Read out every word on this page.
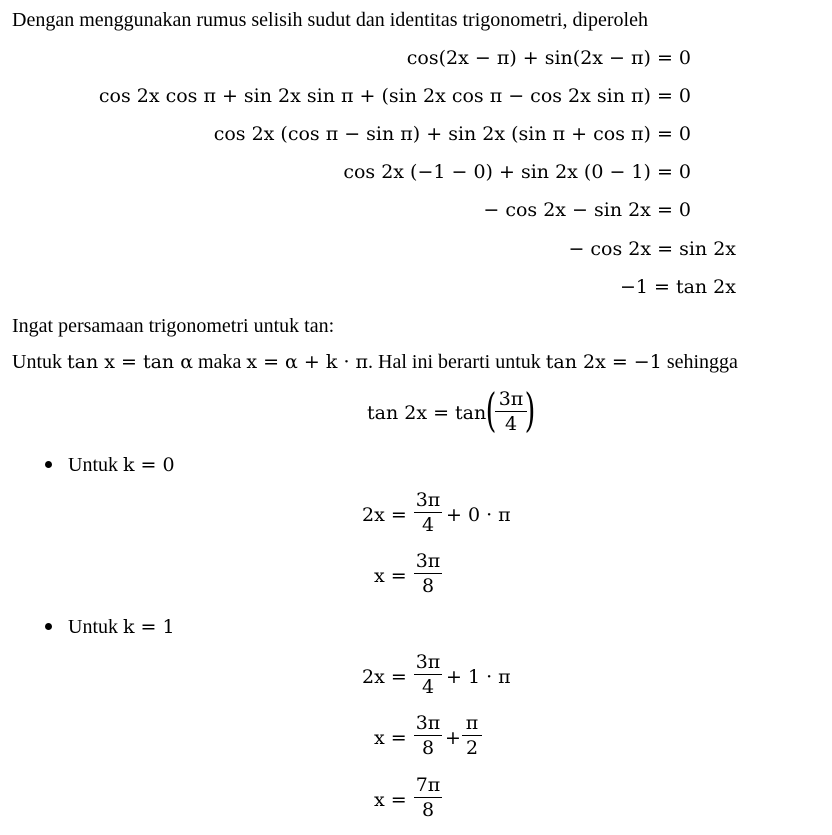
Dengan menggunakan rumus selisih sudut dan identitas trigonometri, diperoleh
cos(2x − π) + sin(2x − π) = 0
cos 2x cos π + sin 2x sin π + (sin 2x cos π − cos 2x sin π) = 0
cos 2x (cos π − sin π) + sin 2x (sin π + cos π) = 0
cos 2x (−1 − 0) + sin 2x (0 − 1) = 0
− cos 2x − sin 2x = 0
− cos 2x = sin 2x
−1 = tan 2x
Ingat persamaan trigonometri untuk tan:
Untuk tan x = tan α maka x = α + k · π. Hal ini berarti untuk tan 2x = −1 sehingga
tan 2x = tan ( 3π
4 )
Untuk k = 0
2x =
3π
4 + 0 · π
x =
3π
8
Untuk k = 1
2x =
3π
4 + 1 · π
x =
3π
8 +
π
2
x =
7π
8
